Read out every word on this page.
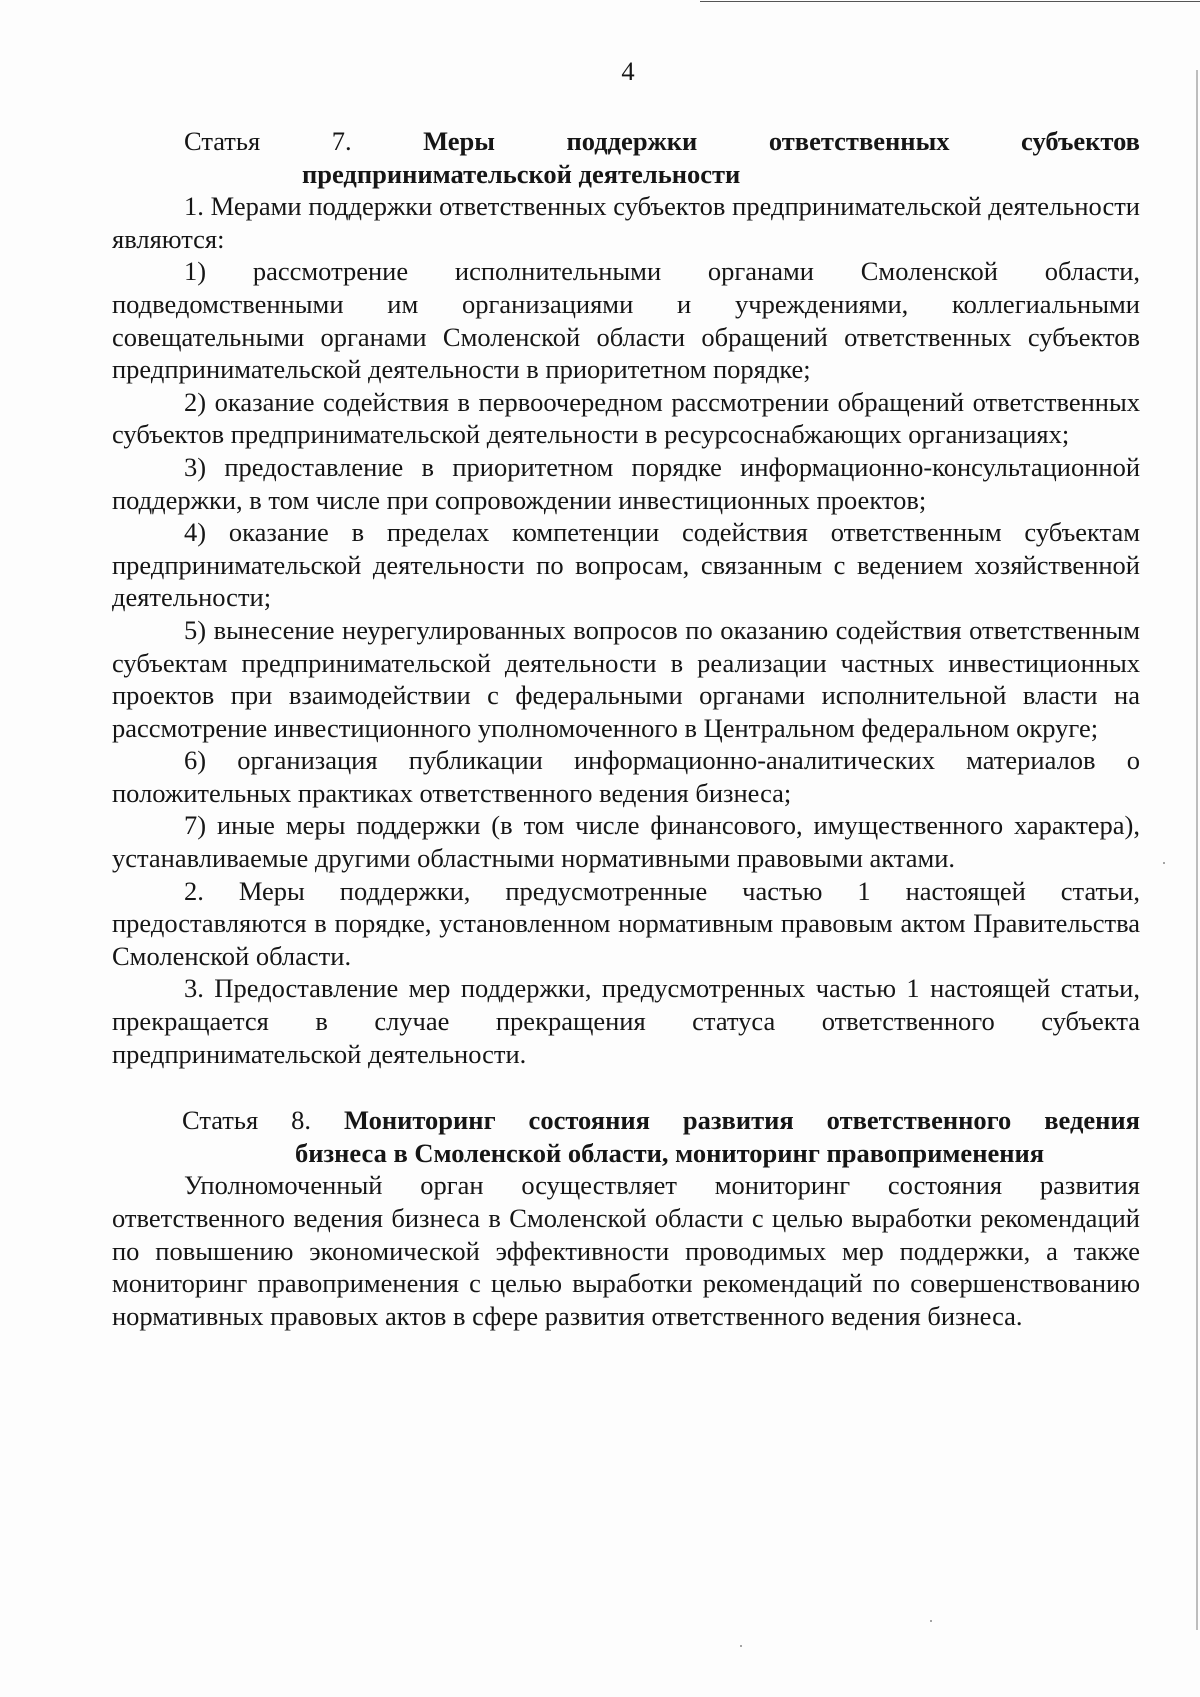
4
Статья 7.	Меры поддержки ответственных субъектов
предпринимательской деятельности

1. Мерами поддержки ответственных субъектов предпринимательской деятельности являются:

1) рассмотрение исполнительными органами Смоленской области, подведомственными им организациями и учреждениями, коллегиальными совещательными органами Смоленской области обращений ответственных субъектов предпринимательской деятельности в приоритетном порядке;

2) оказание содействия в первоочередном рассмотрении обращений ответственных субъектов предпринимательской деятельности в ресурсоснабжающих организациях;

3) предоставление в приоритетном порядке информационно-консультационной поддержки, в том числе при сопровождении инвестиционных проектов;

4) оказание в пределах компетенции содействия ответственным субъектам предпринимательской деятельности по вопросам, связанным с ведением хозяйственной деятельности;

5) вынесение неурегулированных вопросов по оказанию содействия ответственным субъектам предпринимательской деятельности в реализации частных инвестиционных проектов при взаимодействии с федеральными органами исполнительной власти на рассмотрение инвестиционного уполномоченного в Центральном федеральном округе;

6) организация публикации информационно-аналитических материалов о положительных практиках ответственного ведения бизнеса;

7) иные меры поддержки (в том числе финансового, имущественного характера), устанавливаемые другими областными нормативными правовыми актами.

2. Меры поддержки, предусмотренные частью 1 настоящей статьи, предоставляются в порядке, установленном нормативным правовым актом Правительства Смоленской области.

3. Предоставление мер поддержки, предусмотренных частью 1 настоящей статьи, прекращается в случае прекращения статуса ответственного субъекта предпринимательской деятельности.

Статья 8. Мониторинг состояния развития ответственного ведения
бизнеса в Смоленской области, мониторинг правоприменения

Уполномоченный орган осуществляет мониторинг состояния развития ответственного ведения бизнеса в Смоленской области с целью выработки рекомендаций по повышению экономической эффективности проводимых мер поддержки, а также мониторинг правоприменения с целью выработки рекомендаций по совершенствованию нормативных правовых актов в сфере развития ответственного ведения бизнеса.
